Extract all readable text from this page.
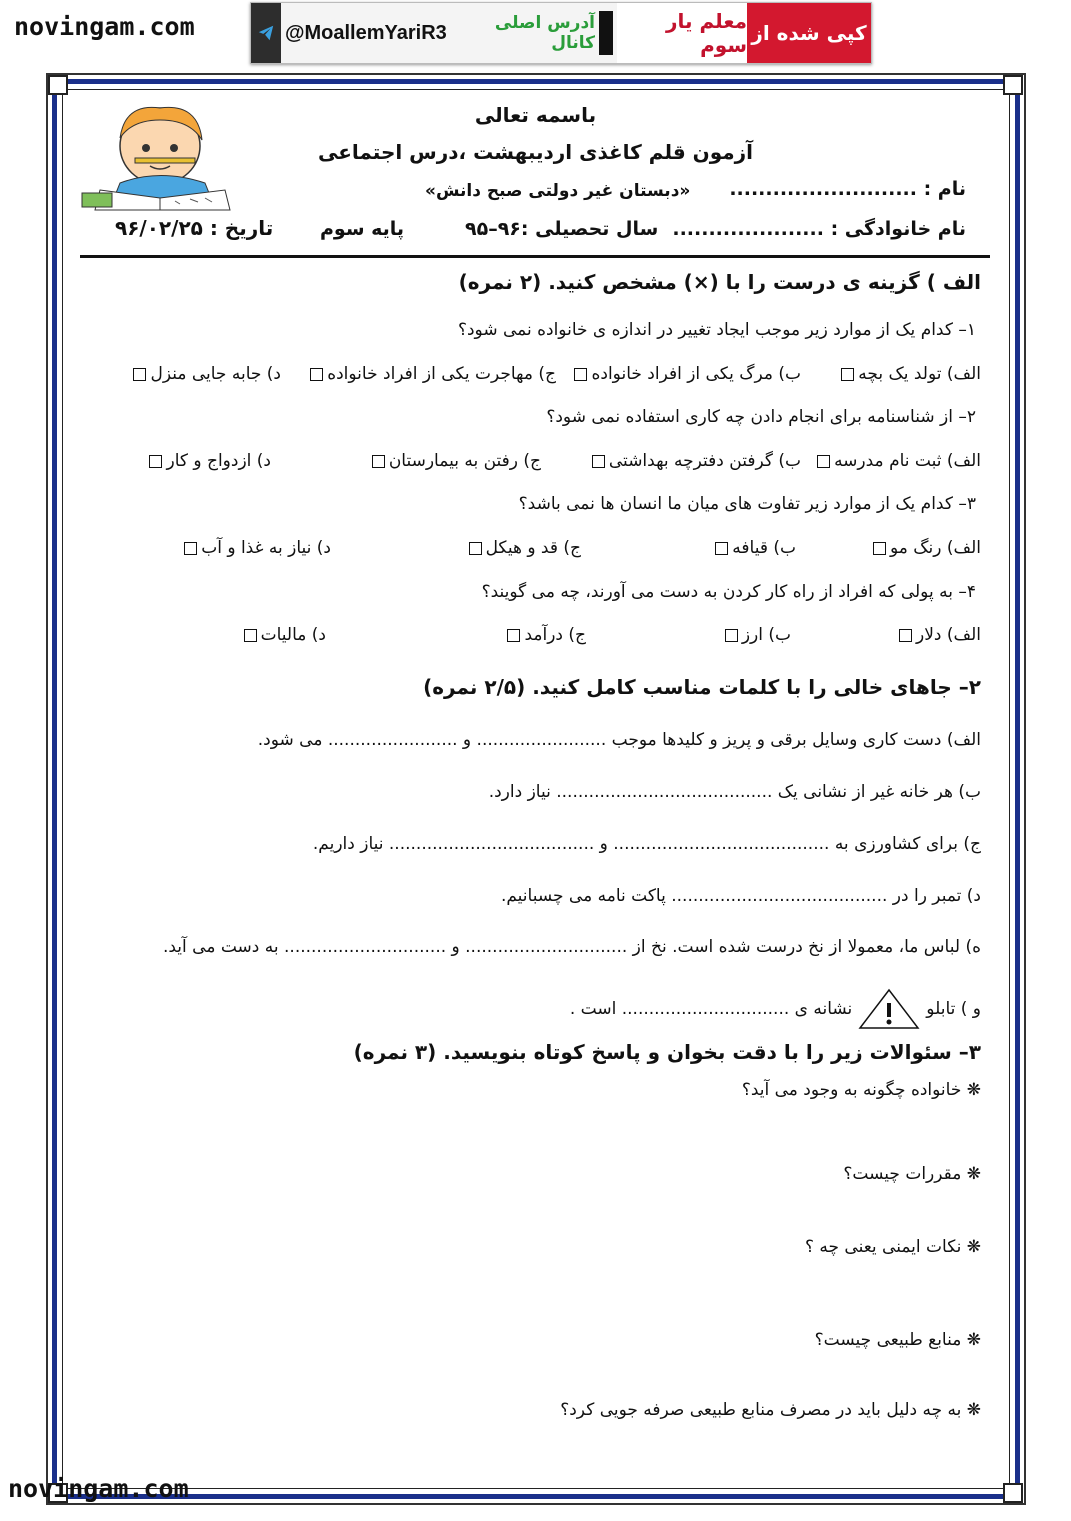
novingam.com	@MoallemYariR3	آدرس اصلی کانال
معلم یار سوم کپی شده از
باسمه تعالی
آزمون قلم کاغذی اردیبهشت ،درس اجتماعی
«دبستان غیر دولتی صبح دانش» نام : ..........................
نام خانوادگی : .....................
سال تحصیلی :۹۶–۹۵
پایه سوم
تاریخ : ۹۶/۰۲/۲۵
الف ) گزینه ی درست را با (×) مشخص کنید. (۲ نمره)
۱– کدام یک از موارد زیر موجب ایجاد تغییر در اندازه ی خانواده نمی شود؟
الف) تولد یک بچه
ب) مرگ یکی از افراد خانواده
ج) مهاجرت یکی از افراد خانواده
د) جابه جایی منزل
۲– از شناسنامه برای انجام دادن چه کاری استفاده نمی شود؟
الف) ثبت نام مدرسه
ب) گرفتن دفترچه بهداشتی
ج) رفتن به بیمارستان
د) ازدواج و کار
۳– کدام یک از موارد زیر تفاوت های میان ما انسان ها نمی باشد؟
الف) رنگ مو
ب) قیافه
ج) قد و هیکل
د) نیاز به غذا و آب
۴– به پولی که افراد از راه کار کردن به دست می آورند، چه می گویند؟
الف) دلار
ب) ارز
ج) درآمد
د) مالیات
۲– جاهای خالی را با کلمات مناسب کامل کنید. (۲/۵ نمره)
الف) دست کاری وسایل برقی و پریز و کلیدها موجب ........................ و ........................ می شود.
ب) هر خانه غیر از نشانی یک ........................................ نیاز دارد.
ج) برای کشاورزی به ........................................ و ...................................... نیاز داریم.
د) تمبر را در ........................................ پاکت نامه می چسبانیم.
ه) لباس ما، معمولا از نخ درست شده است. نخ از .............................. و .............................. به دست می آید.
و ) تابلو
نشانه ی ............................... است .
۳– سئوالات زیر را با دقت بخوان و پاسخ کوتاه بنویسید. (۳ نمره)
❋ خانواده چگونه به وجود می آید؟
❋ مقررات چیست؟
❋ نکات ایمنی یعنی چه ؟
❋ منابع طبیعی چیست؟
❋ به چه دلیل باید در مصرف منابع طبیعی صرفه جویی کرد؟
novingam.com
